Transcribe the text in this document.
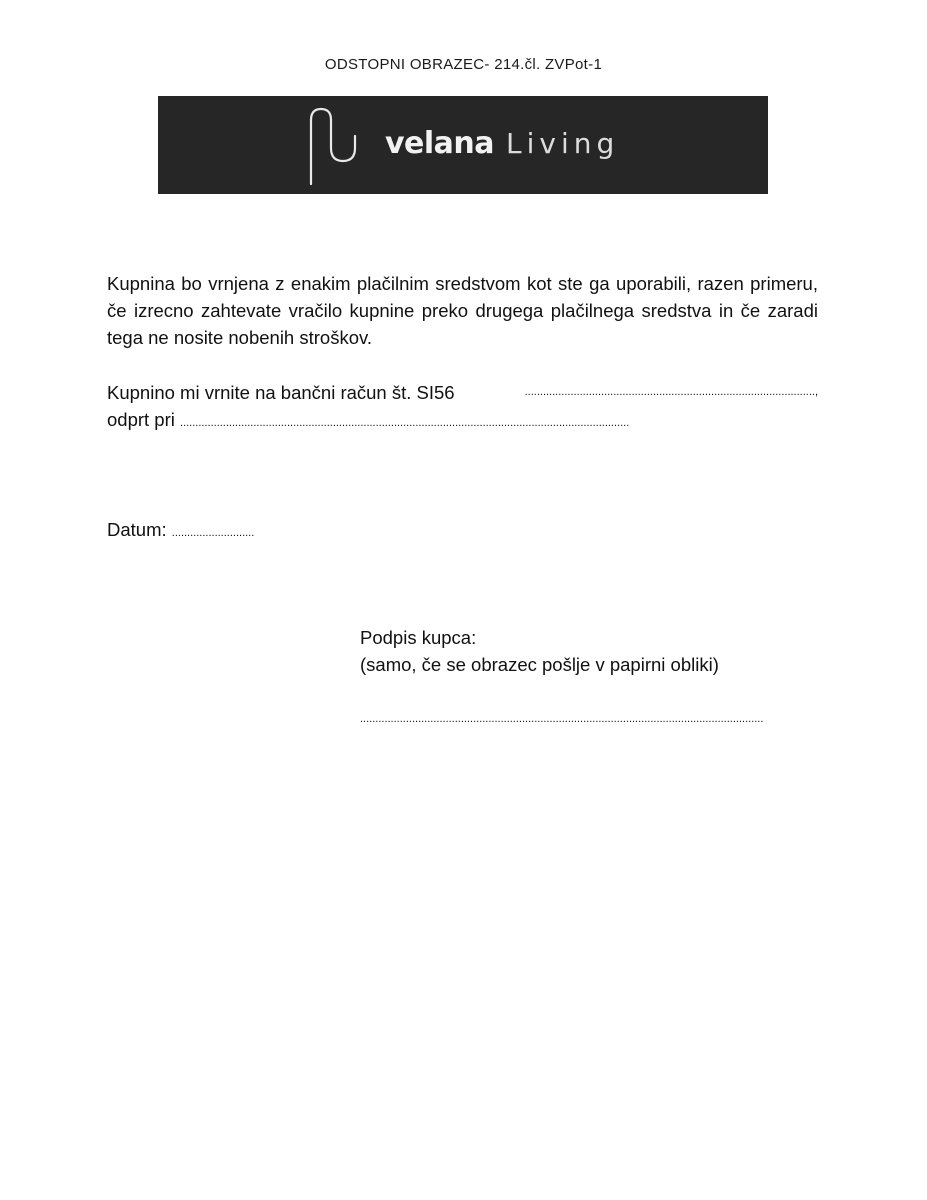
ODSTOPNI OBRAZEC- 214.čl. ZVPot-1
velana Living
Kupnina bo vrnjena z enakim plačilnim sredstvom kot ste ga uporabili, razen primeru, če izrecno zahtevate vračilo kupnine preko drugega plačilnega sredstva in če zaradi tega ne nosite nobenih stroškov.
Kupnino mi vrnite na bančni račun št. SI56	...............................................................................................,
odprt pri ...................................................................................................................................................
Datum: ...........................
Podpis kupca:
(samo, če se obrazec pošlje v papirni obliki)
....................................................................................................................................
